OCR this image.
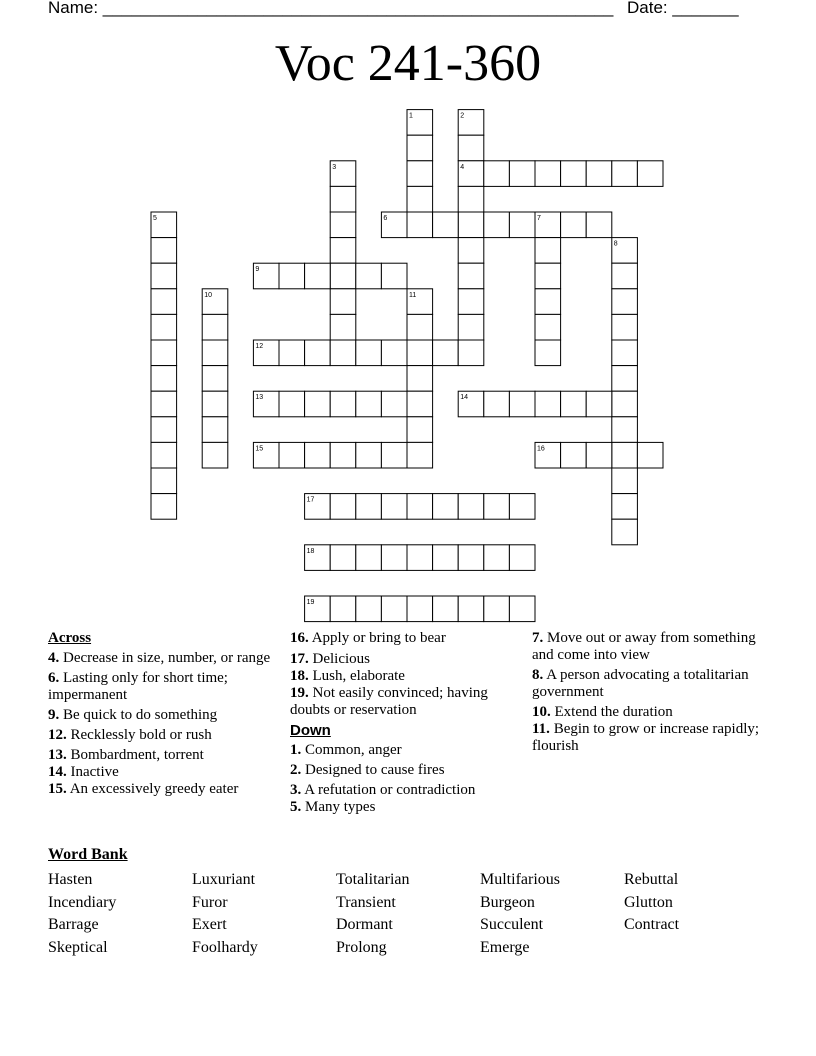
Name: ______________________________________________________ Date: _______
Voc 241-360
1	2
3	4
5	6	7
8
9
10	11
12
13	14
15	16
17
18
19
Across
4. Decrease in size, number, or range
6. Lasting only for short time; impermanent
9. Be quick to do something
12. Recklessly bold or rush
13. Bombardment, torrent
14. Inactive
15. An excessively greedy eater
16. Apply or bring to bear
17. Delicious
18. Lush, elaborate
19. Not easily convinced; having doubts or reservation
Down
1. Common, anger
2. Designed to cause fires
3. A refutation or contradiction
5. Many types
7. Move out or away from something and come into view
8. A person advocating a totalitarian government
10. Extend the duration
11. Begin to grow or increase rapidly; flourish
Word Bank
Hasten	Luxuriant	Totalitarian	Multifarious	Rebuttal
Incendiary	Furor	Transient	Burgeon	Glutton
Barrage	Exert	Dormant	Succulent	Contract
Skeptical	Foolhardy	Prolong	Emerge
